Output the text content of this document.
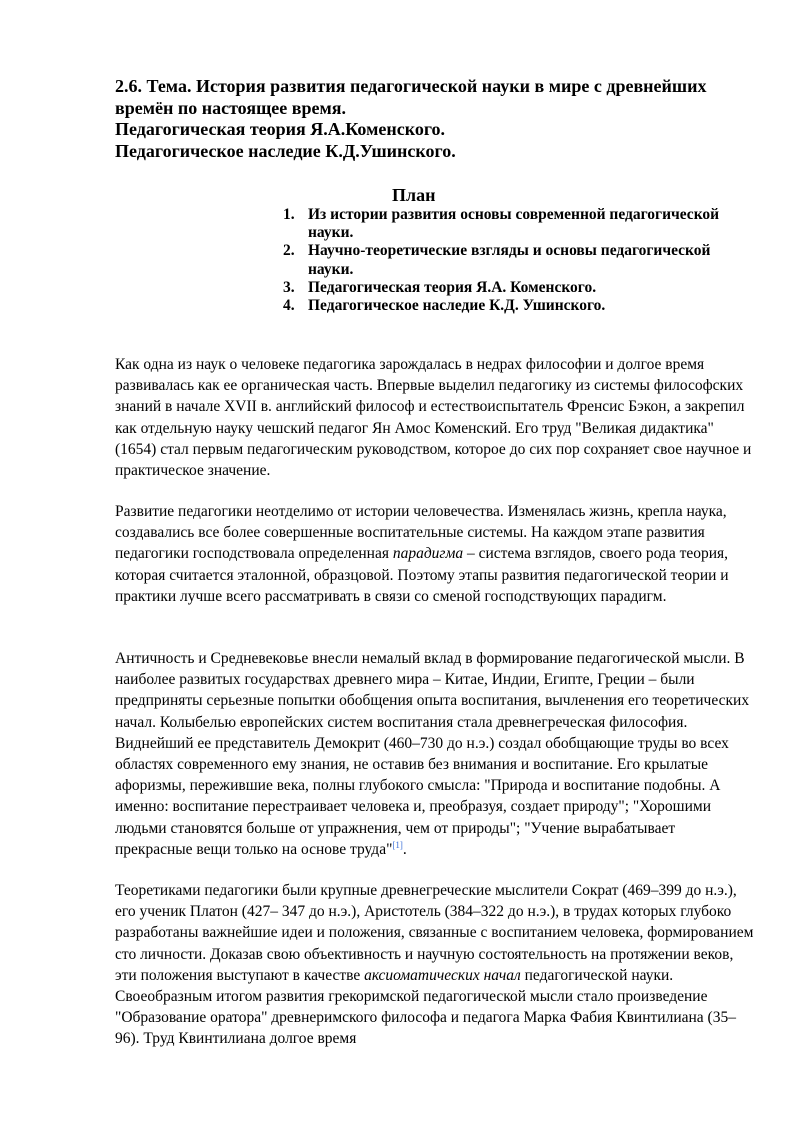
2.6. Тема. История развития педагогической науки в мире с древнейших
времён по настоящее время.
Педагогическая теория Я.А.Коменского.
Педагогическое наследие К.Д.Ушинского.
План
1. Из истории развития основы современной педагогической науки.
2. Научно-теоретические взгляды и основы педагогической науки.
3. Педагогическая теория Я.А. Коменского.
4. Педагогическое наследие К.Д. Ушинского.

Как одна из наук о человеке педагогика зарождалась в недрах философии и долгое время развивалась как ее органическая часть. Впервые выделил педагогику из системы философских знаний в начале XVII в. английский философ и естествоиспытатель Френсис Бэкон, а закрепил как отдельную науку чешский педагог Ян Амос Коменский. Его труд "Великая дидактика" (1654) стал первым педагогическим руководством, которое до сих пор сохраняет свое научное и практическое значение.

Развитие педагогики неотделимо от истории человечества. Изменялась жизнь, крепла наука, создавались все более совершенные воспитательные системы. На каждом этапе развития педагогики господствовала определенная парадигма – система взглядов, своего рода теория, которая считается эталонной, образцовой. Поэтому этапы развития педагогической теории и практики лучше всего рассматривать в связи со сменой господствующих парадигм.

Античность и Средневековье внесли немалый вклад в формирование педагогической мысли. В наиболее развитых государствах древнего мира – Китае, Индии, Египте, Греции – были предприняты серьезные попытки обобщения опыта воспитания, вычленения его теоретических начал. Колыбелью европейских систем воспитания стала древнегреческая философия. Виднейший ее представитель Демокрит (460–730 до н.э.) создал обобщающие труды во всех областях современного ему знания, не оставив без внимания и воспитание. Его крылатые афоризмы, пережившие века, полны глубокого смысла: "Природа и воспитание подобны. А именно: воспитание перестраивает человека и, преобразуя, создает природу"; "Хорошими людьми становятся больше от упражнения, чем от природы"; "Учение вырабатывает прекрасные вещи только на основе труда"[1].

Теоретиками педагогики были крупные древнегреческие мыслители Сократ (469–399 до н.э.), его ученик Платон (427– 347 до н.э.), Аристотель (384–322 до н.э.), в трудах которых глубоко разработаны важнейшие идеи и положения, связанные с воспитанием человека, формированием сто личности. Доказав свою объективность и научную состоятельность на протяжении веков, эти положения выступают в качестве аксиоматических начал педагогической науки. Своеобразным итогом развития грекоримской педагогической мысли стало произведение "Образование оратора" древнеримского философа и педагога Марка Фабия Квинтилиана (35–96). Труд Квинтилиана долгое время
